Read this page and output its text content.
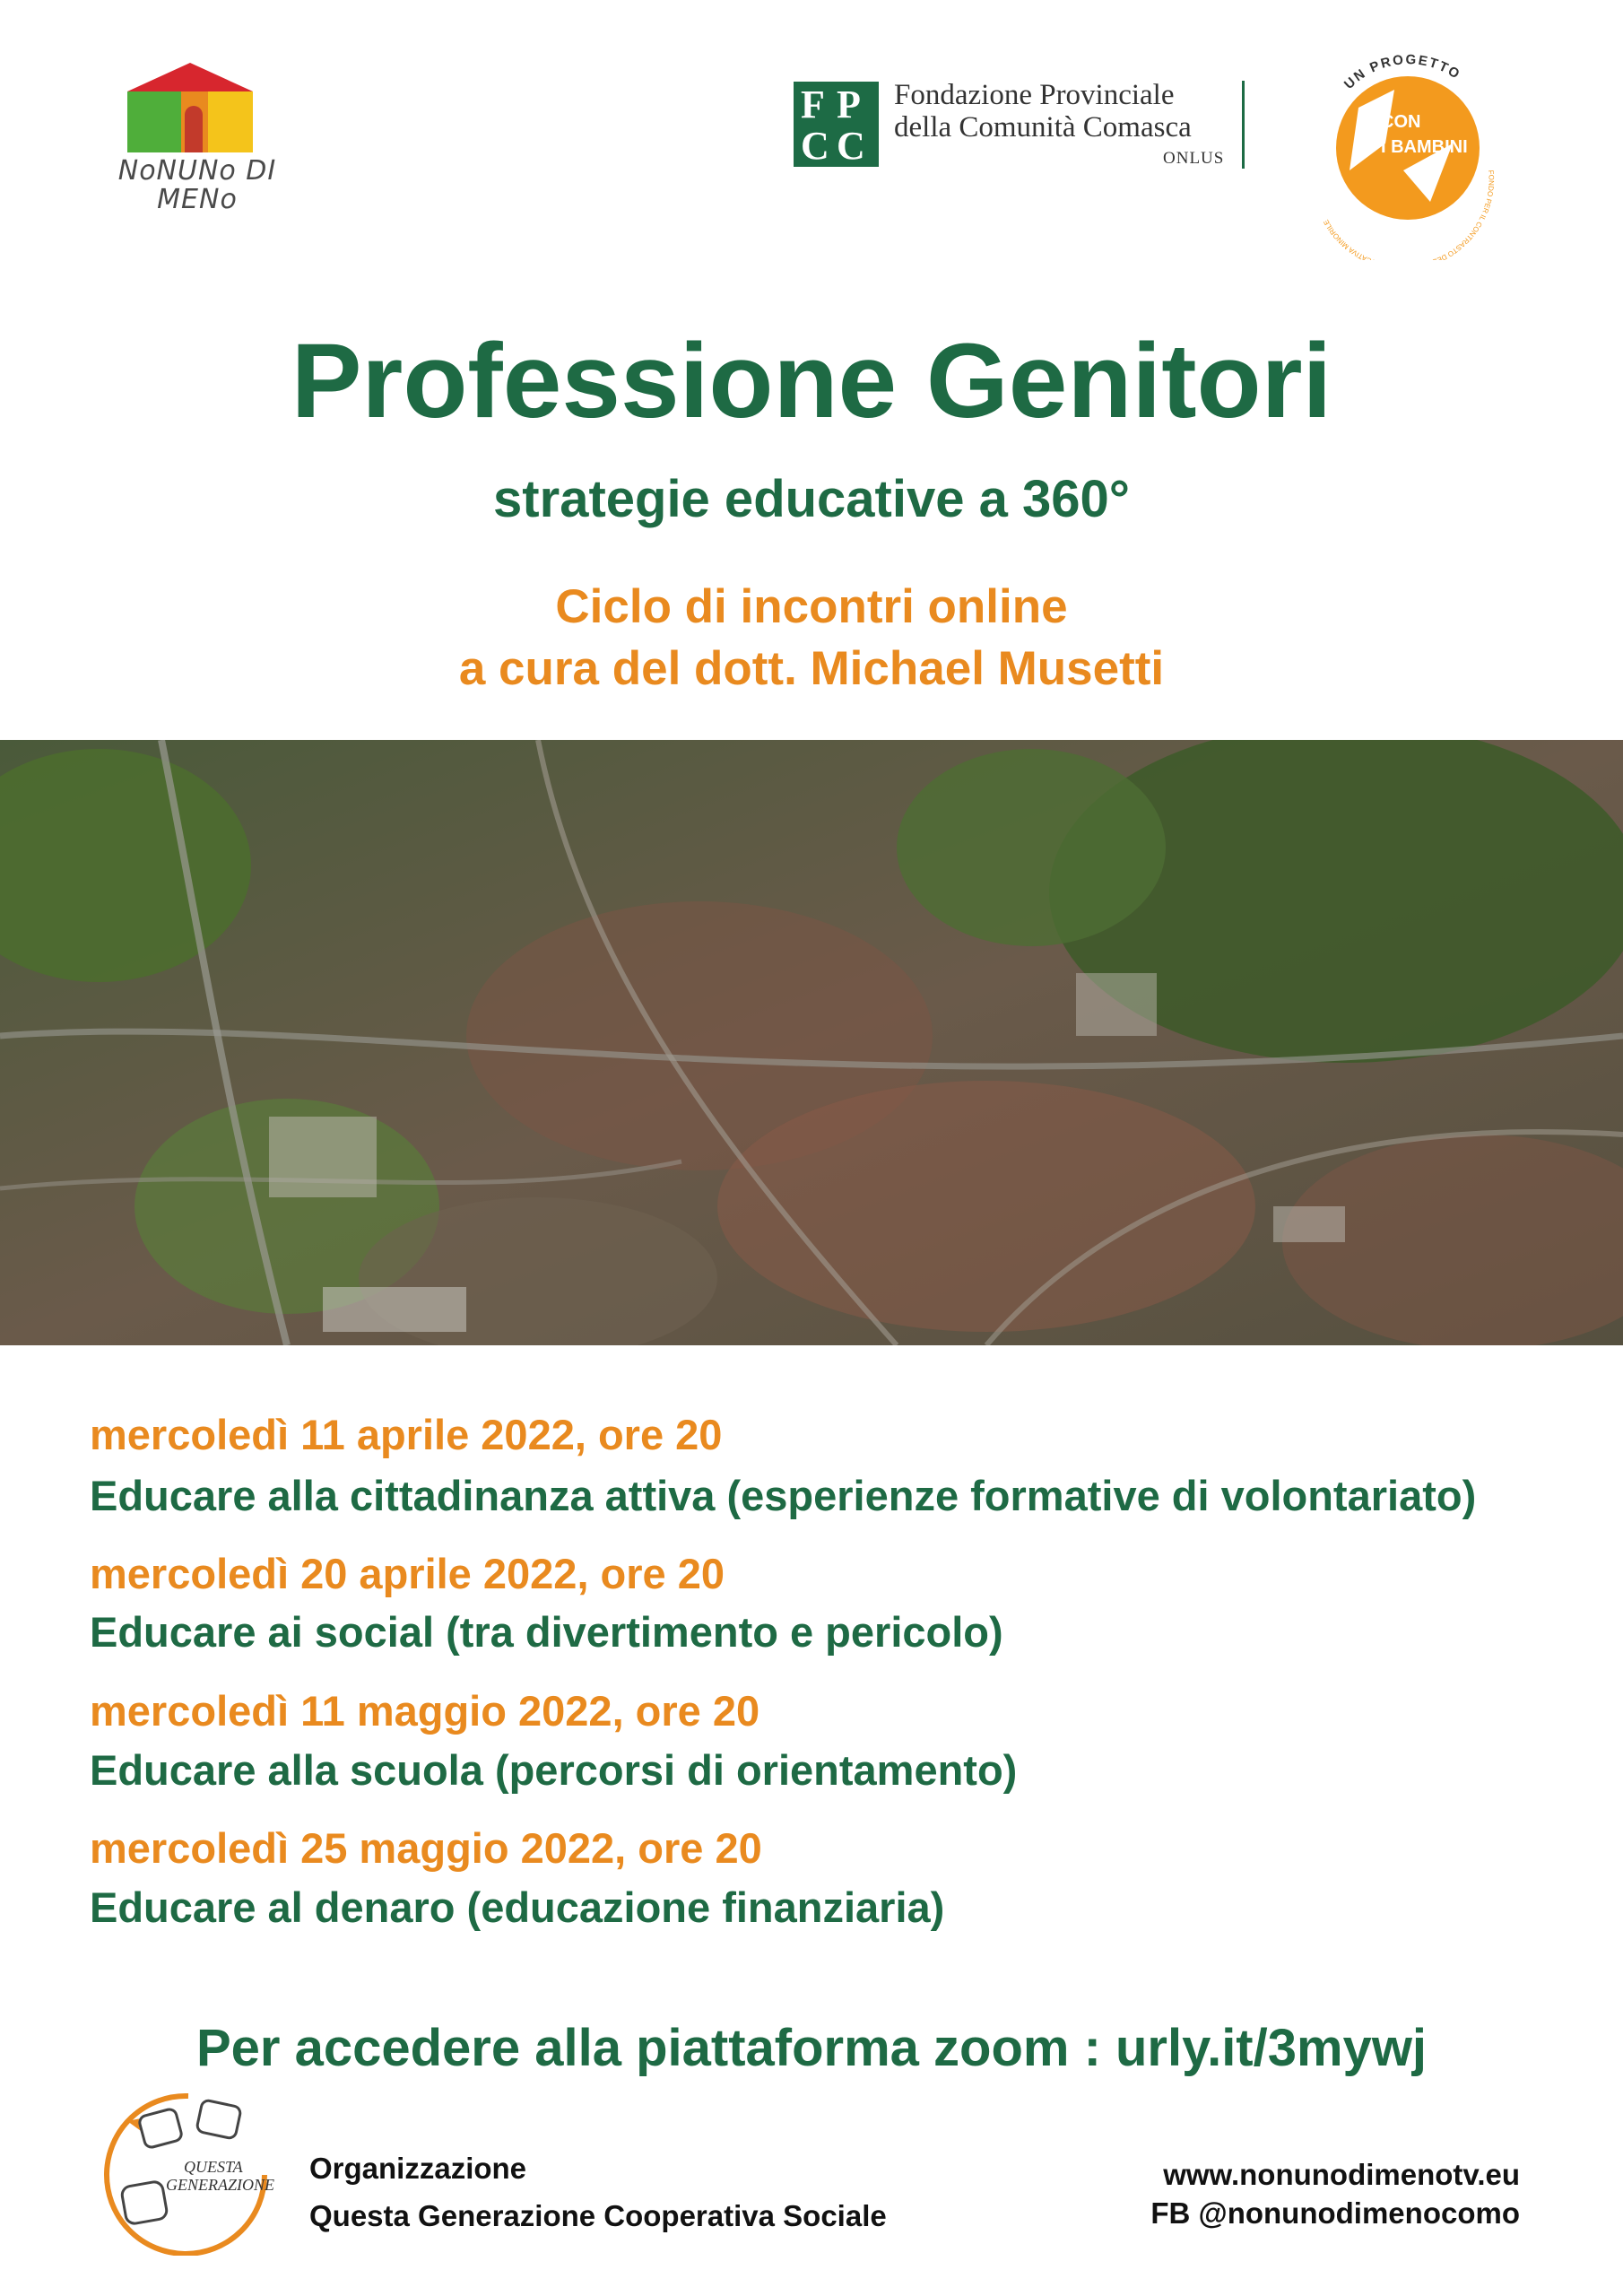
NoNUNo DI MENo
F P
C C
Fondazione Provinciale
della Comunità Comasca
ONLUS
UN PROGETTO
CON
I BAMBINI
FONDO PER IL CONTRASTO DE ATIVA MINORILE
Professione Genitori
strategie educative a 360°
Ciclo di incontri online
a cura del dott. Michael Musetti
mercoledì 11 aprile 2022, ore 20
Educare alla cittadinanza attiva (esperienze formative di volontariato)
mercoledì 20 aprile 2022, ore 20
Educare ai social (tra divertimento e pericolo)
mercoledì 11 maggio 2022, ore 20
Educare alla scuola (percorsi di orientamento)
mercoledì 25 maggio 2022, ore 20
Educare al denaro (educazione finanziaria)
Per accedere alla piattaforma zoom : urly.it/3mywj
QUESTA
GENERAZIONE Organizzazione
Questa Generazione Cooperativa Sociale
www.nonunodimenotv.eu
FB @nonunodimenocomo
